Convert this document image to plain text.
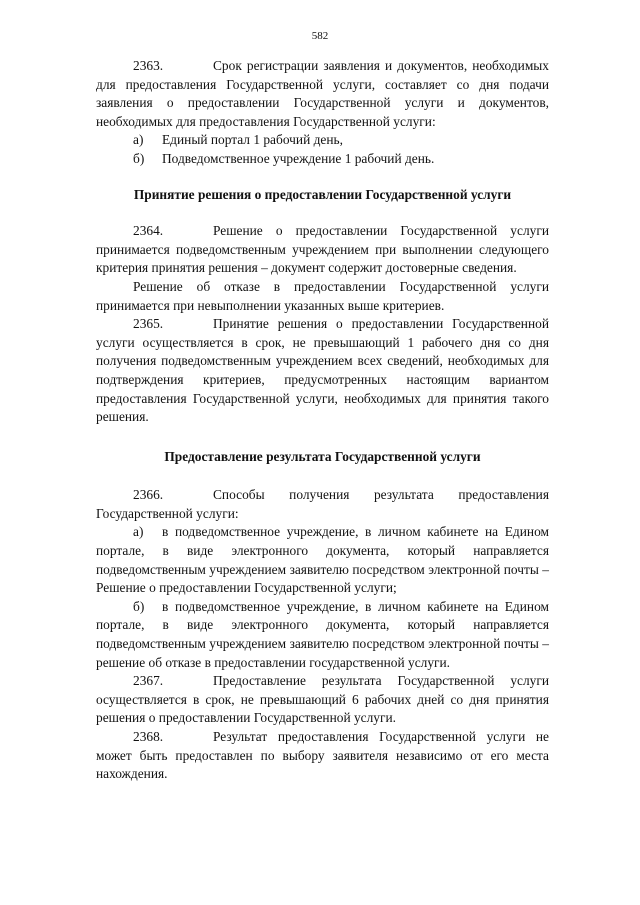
582

2363.	Срок регистрации заявления и документов, необходимых для предоставления Государственной услуги, составляет со дня подачи заявления о предоставлении Государственной услуги и документов, необходимых для предоставления Государственной услуги:

а) Единый портал 1 рабочий день,

б) Подведомственное учреждение 1 рабочий день.

Принятие решения о предоставлении Государственной услуги

2364.	Решение о предоставлении Государственной услуги принимается подведомственным учреждением при выполнении следующего критерия принятия решения – документ содержит достоверные сведения.

Решение об отказе в предоставлении Государственной услуги принимается при невыполнении указанных выше критериев.

2365.	Принятие решения о предоставлении Государственной услуги осуществляется в срок, не превышающий 1 рабочего дня со дня получения подведомственным учреждением всех сведений, необходимых для подтверждения критериев, предусмотренных настоящим вариантом предоставления Государственной услуги, необходимых для принятия такого решения.

Предоставление результата Государственной услуги

2366.	Способы получения результата предоставления Государственной услуги:

а) в подведомственное учреждение, в личном кабинете на Едином портале, в виде электронного документа, который направляется подведомственным учреждением заявителю посредством электронной почты – Решение о предоставлении Государственной услуги;

б) в подведомственное учреждение, в личном кабинете на Едином портале, в виде электронного документа, который направляется подведомственным учреждением заявителю посредством электронной почты – решение об отказе в предоставлении государственной услуги.

2367.	Предоставление результата Государственной услуги осуществляется в срок, не превышающий 6 рабочих дней со дня принятия решения о предоставлении Государственной услуги.

2368.	Результат предоставления Государственной услуги не может быть предоставлен по выбору заявителя независимо от его места нахождения.
